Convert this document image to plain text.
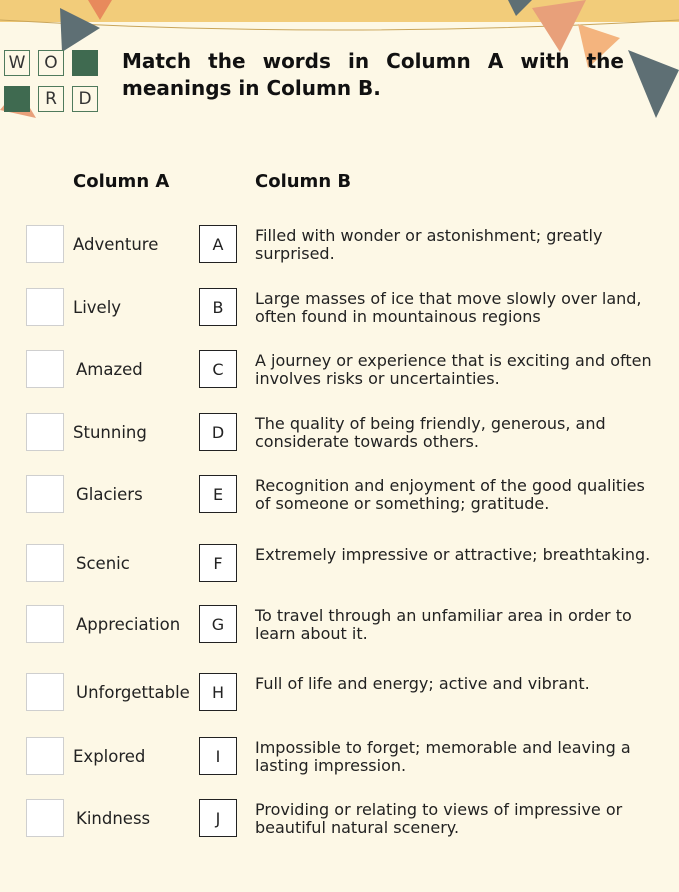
W	O
R	D
Match the words in Column A with the
meanings in Column B.
Column A	Column B
Adventure	A	Filled with wonder or astonishment; greatly surprised.
Lively	B	Large masses of ice that move slowly over land, often found in mountainous regions
Amazed	C	A journey or experience that is exciting and often involves risks or uncertainties.
Stunning	D	The quality of being friendly, generous, and considerate towards others.
Glaciers	E	Recognition and enjoyment of the good qualities of someone or something; gratitude.
Scenic	F	Extremely impressive or attractive; breathtaking.
Appreciation	G	To travel through an unfamiliar area in order to learn about it.
Unforgettable	H	Full of life and energy; active and vibrant.
Explored	I	Impossible to forget; memorable and leaving a lasting impression.
Kindness	J	Providing or relating to views of impressive or beautiful natural scenery.
